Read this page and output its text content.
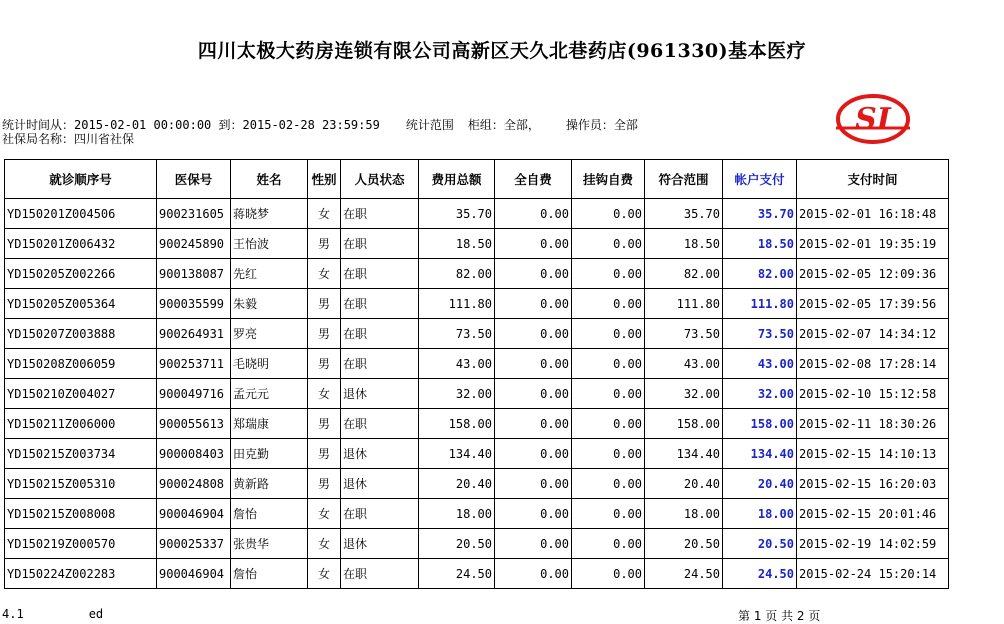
四川太极大药房连锁有限公司高新区天久北巷药店(961330)基本医疗
SI
统计时间从：2015-02-01 00:00:00 到：2015-02-28 23:59:59 统计范围 柜组：全部， 操作员：全部
社保局名称：四川省社保
就诊顺序号	医保号	姓名	性别	人员状态	费用总额	全自费	挂钩自费	符合范围	帐户支付	支付时间
YD150201Z004506	900231605	蒋晓梦	女	在职	35.70	0.00	0.00	35.70	35.70	2015-02-01 16:18:48
YD150201Z006432	900245890	王怡波	男	在职	18.50	0.00	0.00	18.50	18.50	2015-02-01 19:35:19
YD150205Z002266	900138087	先红	女	在职	82.00	0.00	0.00	82.00	82.00	2015-02-05 12:09:36
YD150205Z005364	900035599	朱毅	男	在职	111.80	0.00	0.00	111.80	111.80	2015-02-05 17:39:56
YD150207Z003888	900264931	罗亮	男	在职	73.50	0.00	0.00	73.50	73.50	2015-02-07 14:34:12
YD150208Z006059	900253711	毛晓明	男	在职	43.00	0.00	0.00	43.00	43.00	2015-02-08 17:28:14
YD150210Z004027	900049716	孟元元	女	退休	32.00	0.00	0.00	32.00	32.00	2015-02-10 15:12:58
YD150211Z006000	900055613	郑瑞康	男	在职	158.00	0.00	0.00	158.00	158.00	2015-02-11 18:30:26
YD150215Z003734	900008403	田克勤	男	退休	134.40	0.00	0.00	134.40	134.40	2015-02-15 14:10:13
YD150215Z005310	900024808	黄新路	男	退休	20.40	0.00	0.00	20.40	20.40	2015-02-15 16:20:03
YD150215Z008008	900046904	詹怡	女	在职	18.00	0.00	0.00	18.00	18.00	2015-02-15 20:01:46
YD150219Z000570	900025337	张贵华	女	退休	20.50	0.00	0.00	20.50	20.50	2015-02-19 14:02:59
YD150224Z002283	900046904	詹怡	女	在职	24.50	0.00	0.00	24.50	24.50	2015-02-24 15:20:14
4.1         ed	第 1 页 共 2 页
